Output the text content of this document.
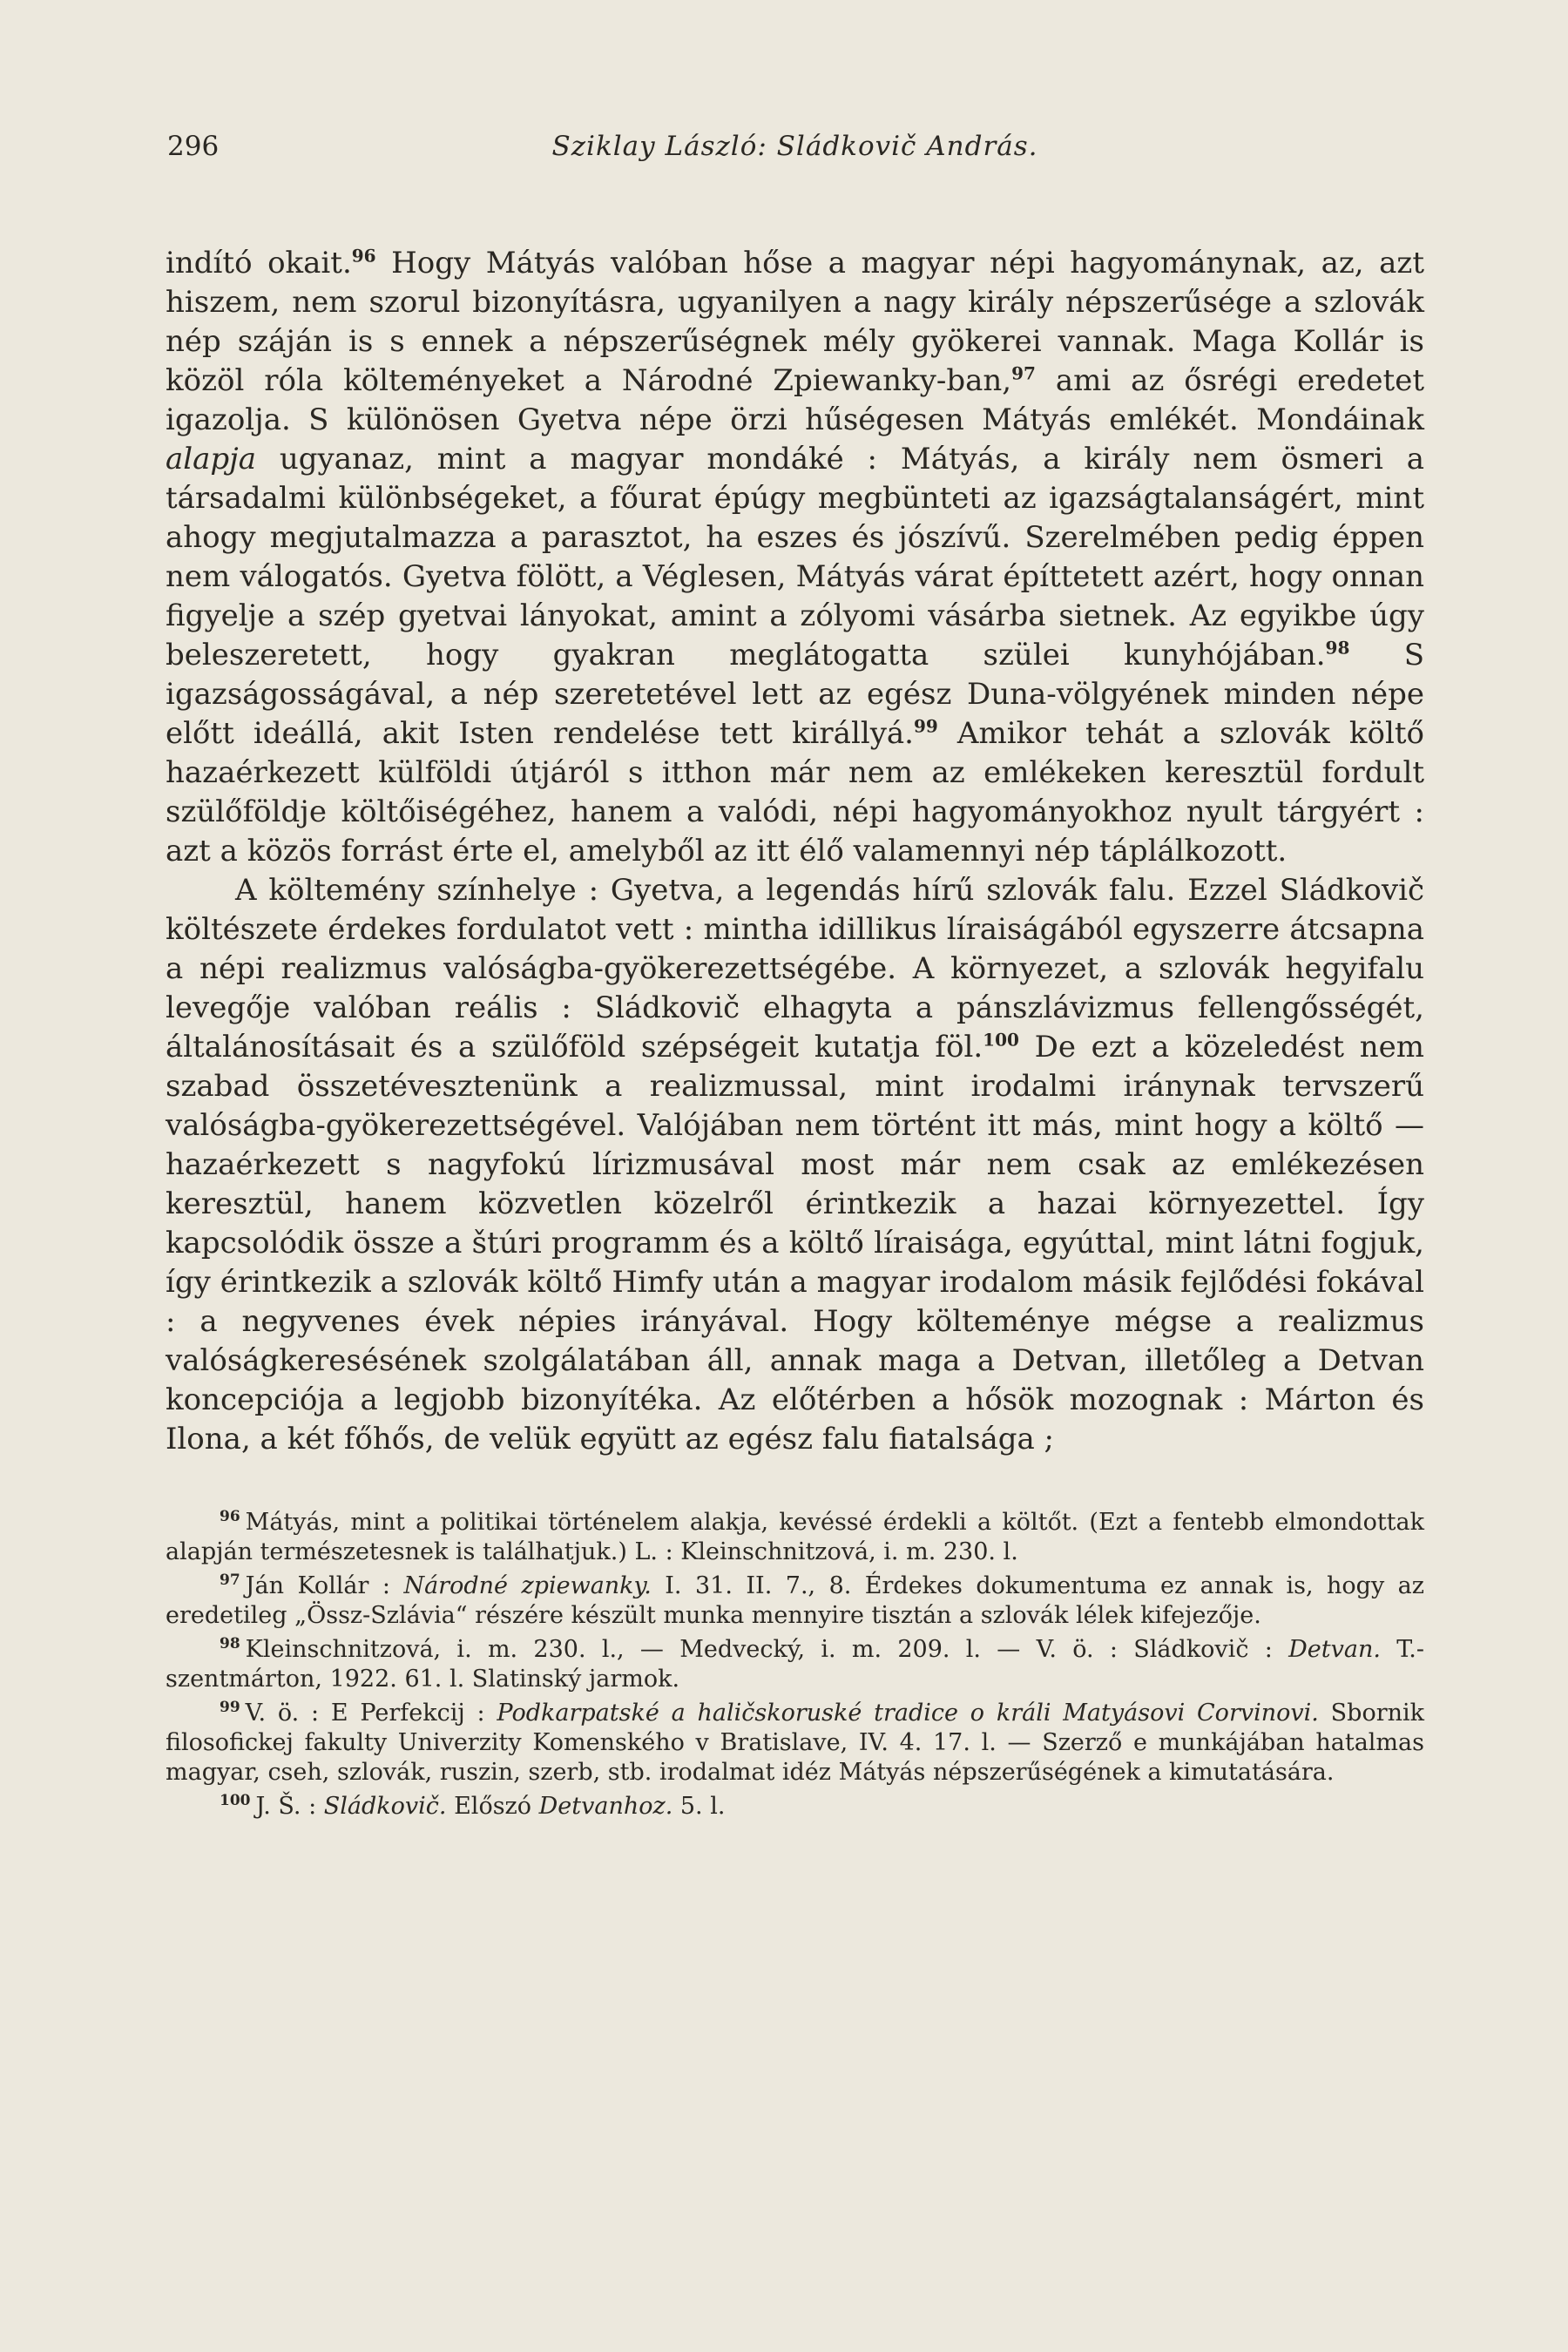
296	Sziklay László: Sládkovič András.

indító okait.$^{96}$ Hogy Mátyás valóban hőse a magyar népi hagyománynak, az, azt hiszem, nem szorul bizonyításra, ugyanilyen a nagy király népszerűsége a szlovák nép száján is s ennek a népszerűségnek mély gyökerei vannak. Maga Kollár is közöl róla költeményeket a Národné Zpiewanky-ban,$^{97}$ ami az ősrégi eredetet igazolja. S különösen Gyetva népe örzi hűségesen Mátyás emlékét. Mondáinak alapja ugyanaz, mint a magyar mondáké : Mátyás, a király nem ösmeri a társadalmi különbségeket, a főurat épúgy megbünteti az igazságtalanságért, mint ahogy megjutalmazza a parasztot, ha eszes és jószívű. Szerelmében pedig éppen nem válogatós. Gyetva fölött, a Véglesen, Mátyás várat építtetett azért, hogy onnan figyelje a szép gyetvai lányokat, amint a zólyomi vásárba sietnek. Az egyikbe úgy beleszeretett, hogy gyakran meglátogatta szülei kunyhójában.$^{98}$ S igazságosságával, a nép szeretetével lett az egész Duna-völgyének minden népe előtt ideállá, akit Isten rendelése tett királlyá.$^{99}$ Amikor tehát a szlovák költő hazaérkezett külföldi útjáról s itthon már nem az emlékeken keresztül fordult szülőföldje költőiségéhez, hanem a valódi, népi hagyományokhoz nyult tárgyért : azt a közös forrást érte el, amelyből az itt élő valamennyi nép táplálkozott.

A költemény színhelye : Gyetva, a legendás hírű szlovák falu. Ezzel Sládkovič költészete érdekes fordulatot vett : mintha idillikus líraiságából egyszerre átcsapna a népi realizmus valóságba-gyökerezettségébe. A környezet, a szlovák hegyifalu levegője valóban reális : Sládkovič elhagyta a pánszlávizmus fellengősségét, általánosításait és a szülőföld szépségeit kutatja föl.$^{100}$ De ezt a közeledést nem szabad összetévesztenünk a realizmussal, mint irodalmi iránynak tervszerű valóságba-gyökerezettségével. Valójában nem történt itt más, mint hogy a költő — hazaérkezett s nagyfokú lírizmusával most már nem csak az emlékezésen keresztül, hanem közvetlen közelről érintkezik a hazai környezettel. Így kapcsolódik össze a štúri programm és a költő líraisága, egyúttal, mint látni fogjuk, így érintkezik a szlovák költő Himfy után a magyar irodalom másik fejlődési fokával : a negyvenes évek népies irányával. Hogy költeménye mégse a realizmus valóságkeresésének szolgálatában áll, annak maga a Detvan, illetőleg a Detvan koncepciója a legjobb bizonyítéka. Az előtérben a hősök mozognak : Márton és Ilona, a két főhős, de velük együtt az egész falu fiatalsága ;

$^{96}$ Mátyás, mint a politikai történelem alakja, kevéssé érdekli a költőt. (Ezt a fentebb elmondottak alapján természetesnek is találhatjuk.) L. : Kleinschnitzová, i. m. 230. l.

$^{97}$ Ján Kollár : Národné zpiewanky. I. 31. II. 7., 8. Érdekes dokumentuma ez annak is, hogy az eredetileg „Össz-Szlávia“ részére készült munka mennyire tisztán a szlovák lélek kifejezője.

$^{98}$ Kleinschnitzová, i. m. 230. l., — Medvecký, i. m. 209. l. — V. ö. : Sládkovič : Detvan. T.-szentmárton, 1922. 61. l. Slatinský jarmok.

$^{99}$ V. ö. : E Perfekcij : Podkarpatské a haličskoruské tradice o králi Matyásovi Corvinovi. Sbornik filosofickej fakulty Univerzity Komenského v Bratislave, IV. 4. 17. l. — Szerző e munkájában hatalmas magyar, cseh, szlovák, ruszin, szerb, stb. irodalmat idéz Mátyás népszerűségének a kimutatására.

$^{100}$ J. Š. : Sládkovič. Előszó Detvanhoz. 5. l.
